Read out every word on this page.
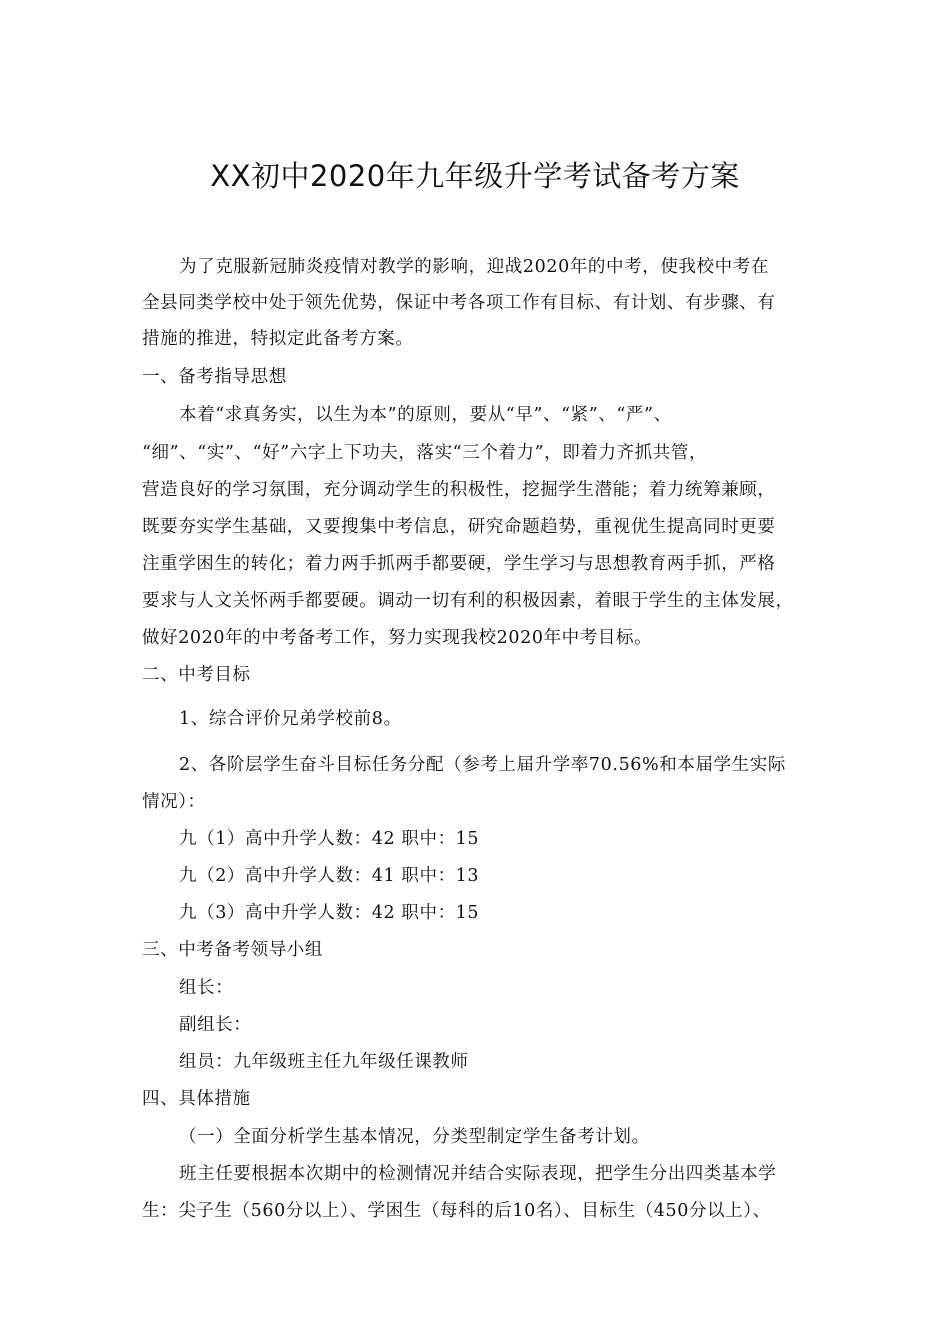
XX初中2020年九年级升学考试备考方案
为了克服新冠肺炎疫情对教学的影响，迎战2020年的中考，使我校中考在
全县同类学校中处于领先优势，保证中考各项工作有目标、有计划、有步骤、有
措施的推进，特拟定此备考方案。
一、备考指导思想
本着“求真务实，以生为本”的原则，要从“早”、“紧”、“严”、
“细”、“实”、“好”六字上下功夫，落实“三个着力”，即着力齐抓共管，
营造良好的学习氛围，充分调动学生的积极性，挖掘学生潜能；着力统筹兼顾，
既要夯实学生基础，又要搜集中考信息，研究命题趋势，重视优生提高同时更要
注重学困生的转化；着力两手抓两手都要硬，学生学习与思想教育两手抓，严格
要求与人文关怀两手都要硬。调动一切有利的积极因素，着眼于学生的主体发展，
做好2020年的中考备考工作，努力实现我校2020年中考目标。
二、中考目标
1、综合评价兄弟学校前8。
2、各阶层学生奋斗目标任务分配（参考上届升学率70.56%和本届学生实际
情况）：
九（1）高中升学人数：42 职中：15
九（2）高中升学人数：41 职中：13
九（3）高中升学人数：42 职中：15
三、中考备考领导小组
组长：
副组长：
组员：九年级班主任九年级任课教师
四、具体措施
（一）全面分析学生基本情况，分类型制定学生备考计划。
班主任要根据本次期中的检测情况并结合实际表现，把学生分出四类基本学
生：尖子生（560分以上）、学困生（每科的后10名）、目标生（450分以上）、
